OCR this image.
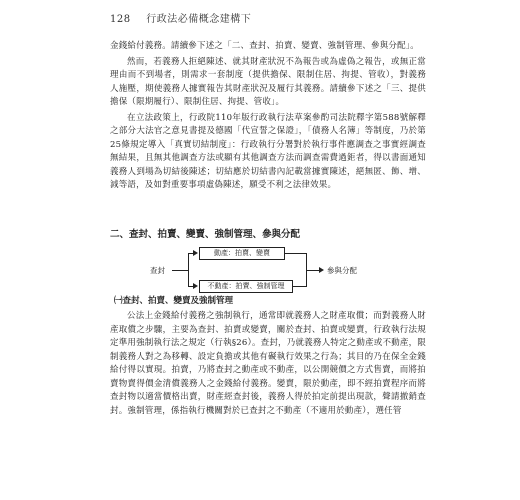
128 行政法必備概念建構下

金錢給付義務。請續參下述之「二、查封、拍賣、變賣、強制管理、參與分配」。

然而，若義務人拒絕陳述、就其財產狀況不為報告或為虛偽之報告，或無正當理由而不到場者，則需求一套制度（提供擔保、限制住居、拘提、管收），對義務人施壓，期使義務人據實報告其財產狀況及履行其義務。請續參下述之「三、提供擔保（限期履行）、限制住居、拘提、管收」。

在立法政策上，行政院110年版行政執行法草案參酌司法院釋字第588號解釋之部分大法官之意見書提及德國「代宣誓之保證」，「債務人名簿」等制度，乃於第25條規定導入「真實切結制度」：行政執行分署對於執行事件應調查之事實經調查無結果，且無其他調查方法或顯有其他調查方法而調查需費過鉅者，得以書面通知義務人到場為切結後陳述；切結應於切結書內記載當據實陳述，絕無匿、飾、增、減等語，及如對重要事項虛偽陳述，願受不利之法律效果。

二、查封、拍賣、變賣、強制管理、參與分配
查封
動產：拍賣、變賣
不動產：拍賣、強制管理
參與分配
㈠查封、拍賣、變賣及強制管理

公法上金錢給付義務之強制執行，通常即就義務人之財產取償；而對義務人財產取償之步驟，主要為查封、拍賣或變賣，關於查封、拍賣或變賣，行政執行法規定準用強制執行法之規定（行執§26）。查封，乃就義務人特定之動產或不動產，限制義務人對之為移轉、設定負擔或其他有礙執行效果之行為；其目的乃在保全金錢給付得以實現。拍賣，乃將查封之動產或不動產，以公開競價之方式售賣，而將拍賣物賣得價金清償義務人之金錢給付義務。變賣，限於動產，即不經拍賣程序而將查封物以適當價格出賣，財產經查封後，義務人得於拍定前提出現款，聲請撤銷查封。強制管理，係指執行機關對於已查封之不動產（不適用於動產），選任管
